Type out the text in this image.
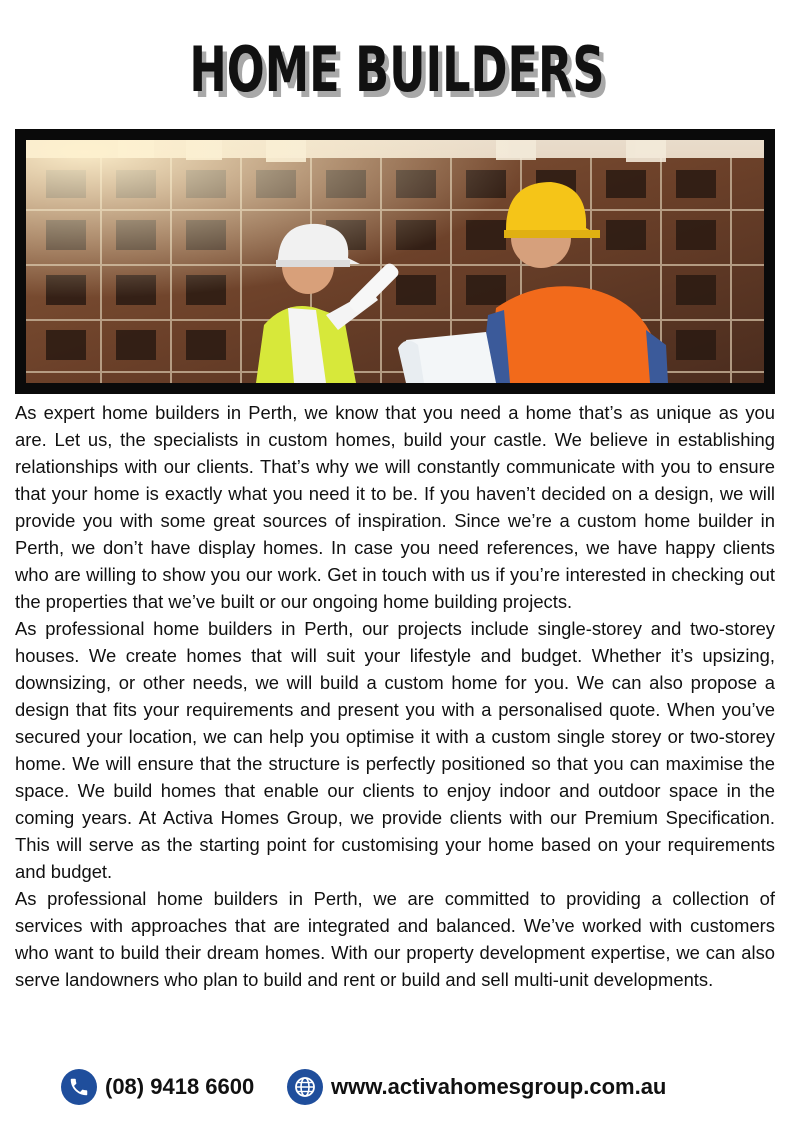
HOME BUILDERS

As expert home builders in Perth, we know that you need a home that’s as unique as you are. Let us, the specialists in custom homes, build your castle. We believe in establishing relationships with our clients. That’s why we will constantly communicate with you to ensure that your home is exactly what you need it to be. If you haven’t decided on a design, we will provide you with some great sources of inspiration. Since we’re a custom home builder in Perth, we don’t have display homes. In case you need references, we have happy clients who are willing to show you our work. Get in touch with us if you’re interested in checking out the properties that we’ve built or our ongoing home building projects.

As professional home builders in Perth, our projects include single-storey and two-storey houses. We create homes that will suit your lifestyle and budget. Whether it’s upsizing, downsizing, or other needs, we will build a custom home for you. We can also propose a design that fits your requirements and present you with a personalised quote. When you’ve secured your location, we can help you optimise it with a custom single storey or two-storey home. We will ensure that the structure is perfectly positioned so that you can maximise the space. We build homes that enable our clients to enjoy indoor and outdoor space in the coming years. At Activa Homes Group, we provide clients with our Premium Specification. This will serve as the starting point for customising your home based on your requirements and budget.

As professional home builders in Perth, we are committed to providing a collection of services with approaches that are integrated and balanced. We’ve worked with customers who want to build their dream homes. With our property development expertise, we can also serve landowners who plan to build and rent or build and sell multi-unit developments.

(08) 9418 6600	www.activahomesgroup.com.au
